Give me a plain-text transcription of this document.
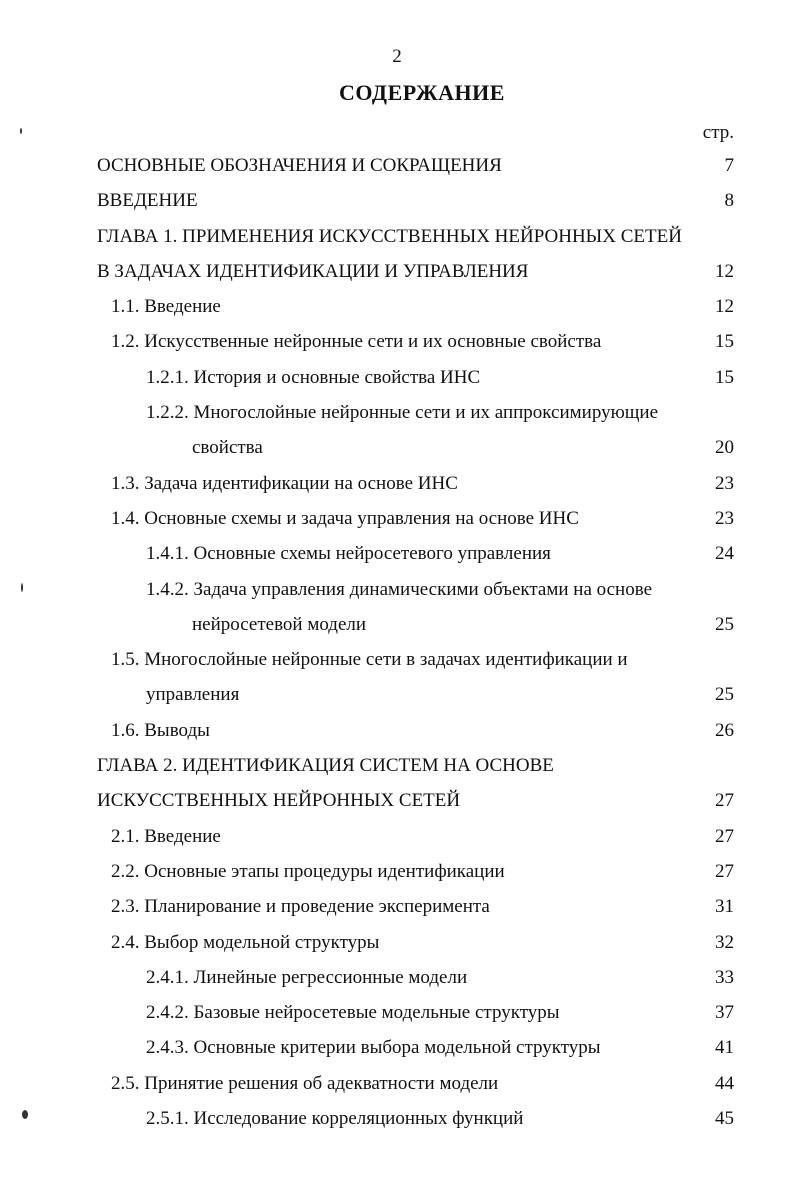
2
СОДЕРЖАНИЕ
стр.
ОСНОВНЫЕ ОБОЗНАЧЕНИЯ И СОКРАЩЕНИЯ	7
ВВЕДЕНИЕ	8
ГЛАВА 1. ПРИМЕНЕНИЯ ИСКУССТВЕННЫХ НЕЙРОННЫХ СЕТЕЙ
В ЗАДАЧАХ ИДЕНТИФИКАЦИИ И УПРАВЛЕНИЯ	12
1.1. Введение	12
1.2. Искусственные нейронные сети и их основные свойства	15
1.2.1. История и основные свойства ИНС	15
1.2.2. Многослойные нейронные сети и их аппроксимирующие
свойства	20
1.3. Задача идентификации на основе ИНС	23
1.4. Основные схемы и задача управления на основе ИНС	23
1.4.1. Основные схемы нейросетевого управления	24
1.4.2. Задача управления динамическими объектами на основе
нейросетевой модели	25
1.5. Многослойные нейронные сети в задачах идентификации и
управления	25
1.6. Выводы	26
ГЛАВА 2. ИДЕНТИФИКАЦИЯ СИСТЕМ НА ОСНОВЕ
ИСКУССТВЕННЫХ НЕЙРОННЫХ СЕТЕЙ	27
2.1. Введение	27
2.2. Основные этапы процедуры идентификации	27
2.3. Планирование и проведение эксперимента	31
2.4. Выбор модельной структуры	32
2.4.1. Линейные регрессионные модели	33
2.4.2. Базовые нейросетевые модельные структуры	37
2.4.3. Основные критерии выбора модельной структуры	41
2.5. Принятие решения об адекватности модели	44
2.5.1. Исследование корреляционных функций	45
